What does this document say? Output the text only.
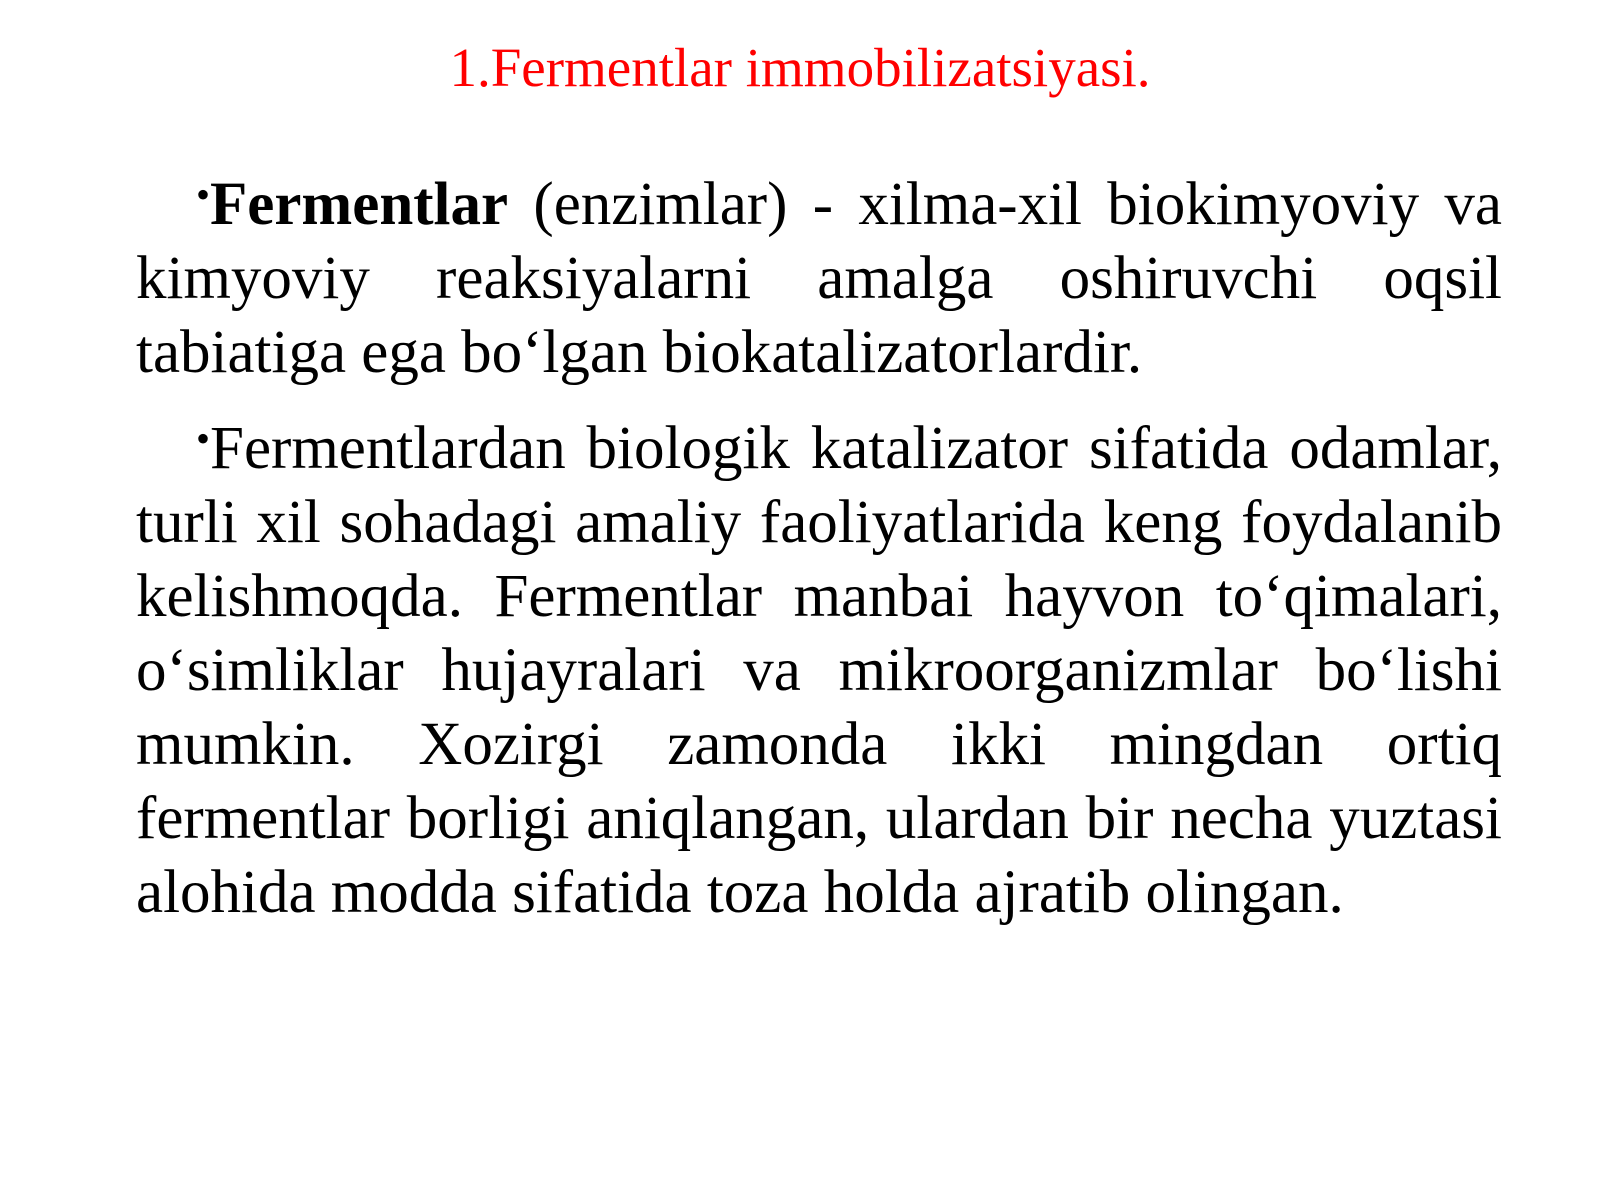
1.Fermentlar immobilizatsiyasi.

•Fermentlar (enzimlar) - xilma-xil biokimyoviy va kimyoviy reaksiyalarni amalga oshiruvchi oqsil tabiatiga ega bo‘lgan biokatalizatorlardir.

•Fermentlardan biologik katalizator sifatida odamlar, turli xil sohadagi amaliy faoliyatlarida keng foydalanib kelishmoqda. Fermentlar manbai hayvon to‘qimalari, o‘simliklar hujayralari va mikroorganizmlar bo‘lishi mumkin. Xozirgi zamonda ikki mingdan ortiq fermentlar borligi aniqlangan, ulardan bir necha yuztasi alohida modda sifatida toza holda ajratib olingan.
